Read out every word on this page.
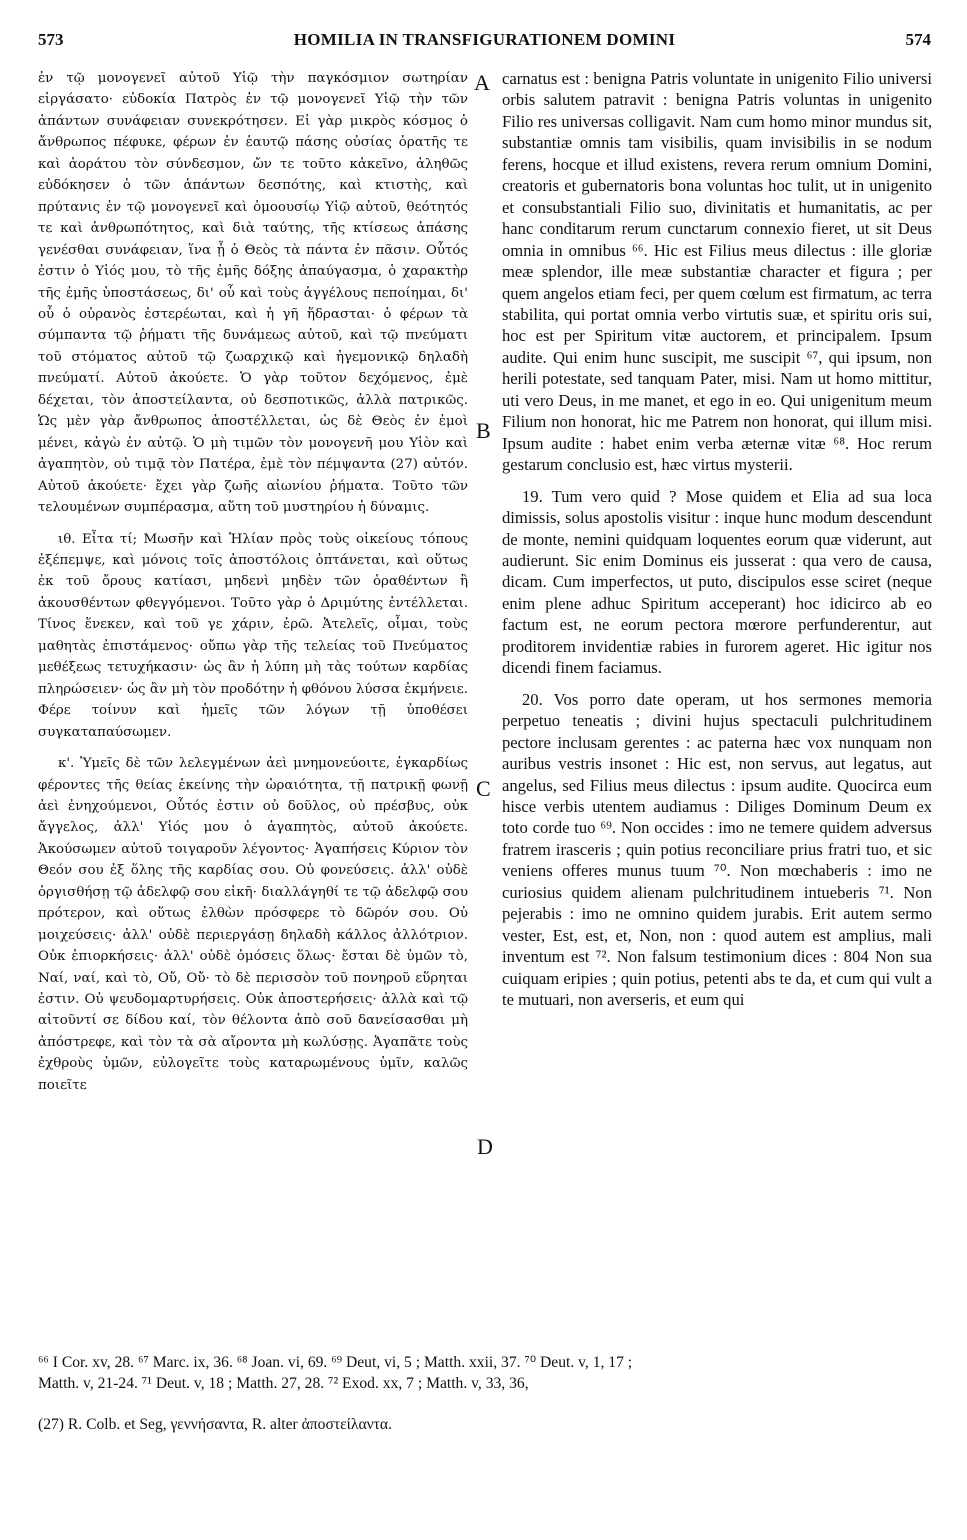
573	HOMILIA IN TRANSFIGURATIONEM DOMINI	574

ἐν τῷ μονογενεῖ αὐτοῦ Υἱῷ τὴν παγκόσμιον σωτηρίαν εἰργάσατο· εὐδοκία Πατρὸς ἐν τῷ μονογενεῖ Υἱῷ τὴν τῶν ἁπάντων συνάφειαν συνεκρότησεν. Εἰ γὰρ μικρὸς κόσμος ὁ ἄνθρωπος πέφυκε, φέρων ἐν ἑαυτῷ πάσης οὐσίας ὁρατῆς τε καὶ ἀοράτου τὸν σύνδεσμον, ὤν τε τοῦτο κἀκεῖνο, ἀληθῶς εὐδόκησεν ὁ τῶν ἁπάντων δεσπότης, καὶ κτιστὴς, καὶ πρύτανις ἐν τῷ μονογενεῖ καὶ ὁμοουσίῳ Υἱῷ αὐτοῦ, θεότητός τε καὶ ἀνθρωπότητος, καὶ διὰ ταύτης, τῆς κτίσεως ἁπάσης γενέσθαι συνάφειαν, ἵνα ᾖ ὁ Θεὸς τὰ πάντα ἐν πᾶσιν. Οὗτός ἐστιν ὁ Υἱός μου, τὸ τῆς ἐμῆς δόξης ἀπαύγασμα, ὁ χαρακτὴρ τῆς ἐμῆς ὑποστάσεως, δι' οὗ καὶ τοὺς ἀγγέλους πεποίημαι, δι' οὗ ὁ οὐρανὸς ἐστερέωται, καὶ ἡ γῆ ἥδρασται· ὁ φέρων τὰ σύμπαντα τῷ ῥήματι τῆς δυνάμεως αὐτοῦ, καὶ τῷ πνεύματι τοῦ στόματος αὐτοῦ τῷ ζωαρχικῷ καὶ ἡγεμονικῷ δηλαδὴ πνεύματί. Αὐτοῦ ἀκούετε. Ὁ γὰρ τοῦτον δεχόμενος, ἐμὲ δέχεται, τὸν ἀποστείλαντα, οὐ δεσποτικῶς, ἀλλὰ πατρικῶς. Ὡς μὲν γὰρ ἄνθρωπος ἀποστέλλεται, ὡς δὲ Θεὸς ἐν ἐμοὶ μένει, κἀγὼ ἐν αὐτῷ. Ὁ μὴ τιμῶν τὸν μονογενῆ μου Υἱὸν καὶ ἀγαπητὸν, οὐ τιμᾷ τὸν Πατέρα, ἐμὲ τὸν πέμψαντα (27) αὐτόν. Αὐτοῦ ἀκούετε· ἔχει γὰρ ζωῆς αἰωνίου ῥήματα. Τοῦτο τῶν τελουμένων συμπέρασμα, αὕτη τοῦ μυστηρίου ἡ δύναμις.

ιθ. Εἶτα τί; Μωσῆν καὶ Ἠλίαν πρὸς τοὺς οἰκείους τόπους ἐξέπεμψε, καὶ μόνοις τοῖς ἀποστόλοις ὀπτάνεται, καὶ οὕτως ἐκ τοῦ ὄρους κατίασι, μηδενὶ μηδὲν τῶν ὁραθέντων ἢ ἀκουσθέντων φθεγγόμενοι. Τοῦτο γὰρ ὁ Δριμύτης ἐντέλλεται. Τίνος ἕνεκεν, καὶ τοῦ γε χάριν, ἐρῶ. Ἀτελεῖς, οἶμαι, τοὺς μαθητὰς ἐπιστάμενος· οὔπω γὰρ τῆς τελείας τοῦ Πνεύματος μεθέξεως τετυχήκασιν· ὡς ἂν ἡ λύπη μὴ τὰς τούτων καρδίας πληρώσειεν· ὡς ἂν μὴ τὸν προδότην ἡ φθόνου λύσσα ἐκμήνειε. Φέρε τοίνυν καὶ ἡμεῖς τῶν λόγων τῇ ὑποθέσει συγκαταπαύσωμεν.

κ'. Ὑμεῖς δὲ τῶν λελεγμένων ἀεὶ μνημονεύοιτε, ἐγκαρδίως φέροντες τῆς θείας ἐκείνης τὴν ὡραιότητα, τῇ πατρικῇ φωνῇ ἀεὶ ἐνηχούμενοι, Οὗτός ἐστιν οὐ δοῦλος, οὐ πρέσβυς, οὐκ ἄγγελος, ἀλλ' Υἱός μου ὁ ἀγαπητὸς, αὐτοῦ ἀκούετε. Ἀκούσωμεν αὐτοῦ τοιγαροῦν λέγοντος· Ἀγαπήσεις Κύριον τὸν Θεόν σου ἐξ ὅλης τῆς καρδίας σου. Οὐ φονεύσεις. ἀλλ' οὐδὲ ὀργισθήσῃ τῷ ἀδελφῷ σου εἰκῆ· διαλλάγηθί τε τῷ ἀδελφῷ σου πρότερον, καὶ οὕτως ἐλθὼν πρόσφερε τὸ δῶρόν σου. Οὐ μοιχεύσεις· ἀλλ' οὐδὲ περιεργάσῃ δηλαδὴ κάλλος ἀλλότριον. Οὐκ ἐπιορκήσεις· ἀλλ' οὐδὲ ὀμόσεις ὅλως· ἔσται δὲ ὑμῶν τὸ, Ναί, ναί, καὶ τὸ, Οὔ, Οὔ· τὸ δὲ περισσὸν τοῦ πονηροῦ εὕρηται ἐστιν. Οὐ ψευδομαρτυρήσεις. Οὐκ ἀποστερήσεις· ἀλλὰ καὶ τῷ αἰτοῦντί σε δίδου καί, τὸν θέλοντα ἀπὸ σοῦ δανείσασθαι μὴ ἀπόστρεφε, καὶ τὸν τὰ σὰ αἴροντα μὴ κωλύσῃς. Ἀγαπᾶτε τοὺς ἐχθροὺς ὑμῶν, εὐλογεῖτε τοὺς καταρωμένους ὑμῖν, καλῶς ποιεῖτε

carnatus est : benigna Patris voluntate in unigenito Filio universi orbis salutem patravit : benigna Patris voluntas in unigenito Filio res universas colligavit. Nam cum homo minor mundus sit, substantiæ omnis tam visibilis, quam invisibilis in se nodum ferens, hocque et illud existens, revera rerum omnium Domini, creatoris et gubernatoris bona voluntas hoc tulit, ut in unigenito et consubstantiali Filio suo, divinitatis et humanitatis, ac per hanc conditarum rerum cunctarum connexio fieret, ut sit Deus omnia in omnibus ⁶⁶. Hic est Filius meus dilectus : ille gloriæ meæ splendor, ille meæ substantiæ character et figura ; per quem angelos etiam feci, per quem cœlum est firmatum, ac terra stabilita, qui portat omnia verbo virtutis suæ, et spiritu oris sui, hoc est per Spiritum vitæ auctorem, et principalem. Ipsum audite. Qui enim hunc suscipit, me suscipit ⁶⁷, qui ipsum, non herili potestate, sed tanquam Pater, misi. Nam ut homo mittitur, uti vero Deus, in me manet, et ego in eo. Qui unigenitum meum Filium non honorat, hic me Patrem non honorat, qui illum misi. Ipsum audite : habet enim verba æternæ vitæ ⁶⁸. Hoc rerum gestarum conclusio est, hæc virtus mysterii.

19. Tum vero quid ? Mose quidem et Elia ad sua loca dimissis, solus apostolis visitur : inque hunc modum descendunt de monte, nemini quidquam loquentes eorum quæ viderunt, aut audierunt. Sic enim Dominus eis jusserat : qua vero de causa, dicam. Cum imperfectos, ut puto, discipulos esse sciret (neque enim plene adhuc Spiritum acceperant) hoc idicirco ab eo factum est, ne eorum pectora mœrore perfunderentur, aut proditorem invidentiæ rabies in furorem ageret. Hic igitur nos dicendi finem faciamus.

20. Vos porro date operam, ut hos sermones memoria perpetuo teneatis ; divini hujus spectaculi pulchritudinem pectore inclusam gerentes : ac paterna hæc vox nunquam non auribus vestris insonet : Hic est, non servus, aut legatus, aut angelus, sed Filius meus dilectus : ipsum audite. Quocirca eum hisce verbis utentem audiamus : Diliges Dominum Deum ex toto corde tuo ⁶⁹. Non occides : imo ne temere quidem adversus fratrem irasceris ; quin potius reconciliare prius fratri tuo, et sic veniens offeres munus tuum ⁷⁰. Non mœchaberis : imo ne curiosius quidem alienam pulchritudinem intueberis ⁷¹. Non pejerabis : imo ne omnino quidem jurabis. Erit autem sermo vester, Est, est, et, Non, non : quod autem est amplius, mali inventum est ⁷². Non falsum testimonium dices : 804 Non sua cuiquam eripies ; quin potius, petenti abs te da, et cum qui vult a te mutuari, non averseris, et eum qui

A
B
C
D
⁶⁶ I Cor. xv, 28. ⁶⁷ Marc. ix, 36. ⁶⁸ Joan. vi, 69. ⁶⁹ Deut, vi, 5 ; Matth. xxii, 37. ⁷⁰ Deut. v, 1, 17 ;
Matth. v, 21-24. ⁷¹ Deut. v, 18 ; Matth. 27, 28. ⁷² Exod. xx, 7 ; Matth. v, 33, 36,
(27) R. Colb. et Seg, γεννήσαντα, R. alter ἀποστείλαντα.
